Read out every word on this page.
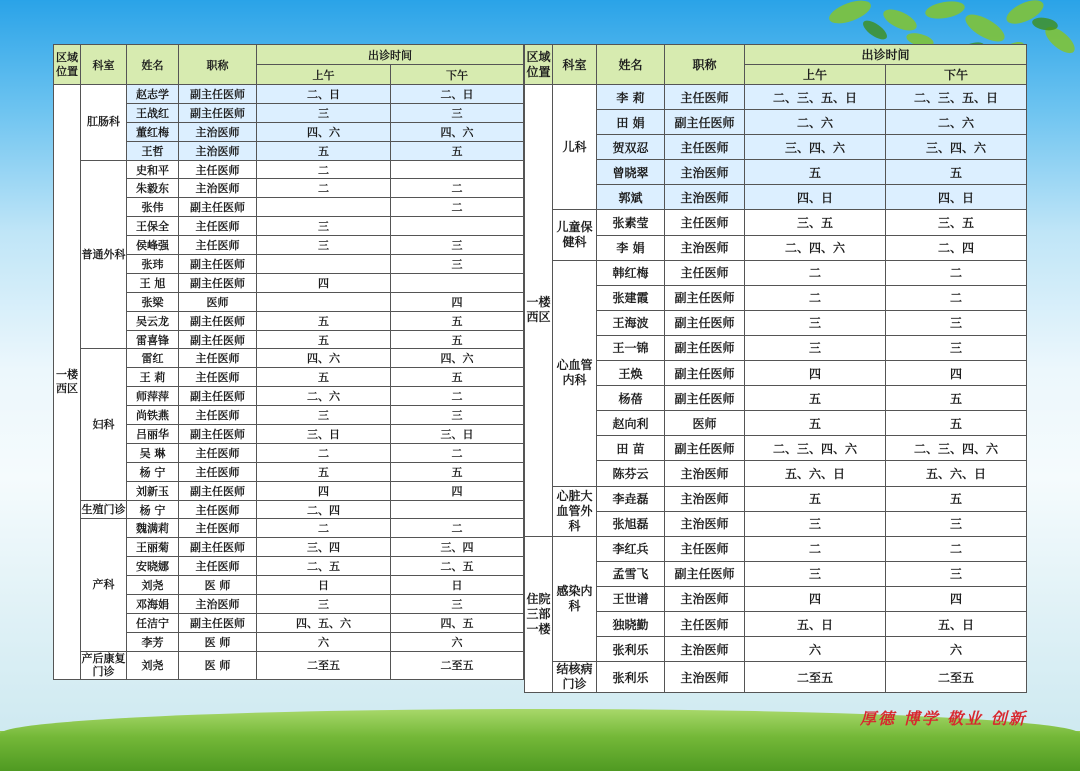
区域位置	科室	姓名	职称	出诊时间	
				上午	下午
一楼西区	肛肠科	赵志学	副主任医师	二、日	二、日
		王战红	副主任医师	三	三
		董红梅	主治医师	四、六	四、六
		王哲	主治医师	五	五
	普通外科	史和平	主任医师	二	
		朱毅东	主治医师	二	二
		张伟	副主任医师		二
		王保全	主任医师	三	
		侯峰强	主任医师	三	三
		张玮	副主任医师		三
		王 旭	副主任医师	四	
		张梁	医师		四
		吴云龙	副主任医师	五	五
		雷喜锋	副主任医师	五	五
	妇科	雷红	主任医师	四、六	四、六
		王 莉	主任医师	五	五
		师萍萍	副主任医师	二、六	二
		尚铁燕	主任医师	三	三
		吕丽华	副主任医师	三、日	三、日
		吴 琳	主任医师	二	二
		杨 宁	主任医师	五	五
		刘新玉	副主任医师	四	四
	生殖门诊	杨 宁	主任医师	二、四	
	产科	魏满莉	主任医师	二	二
		王丽菊	副主任医师	三、四	三、四
		安晓娜	主任医师	二、五	二、五
		刘尧	医 师	日	日
		邓海娟	主治医师	三	三
		任洁宁	副主任医师	四、五、六	四、五
		李芳	医 师	六	六
	产后康复门诊	刘尧	医 师	二至五	二至五
区域位置	科室	姓名	职称	出诊时间	
				上午	下午
一楼西区	儿科	李 莉	主任医师	二、三、五、日	二、三、五、日
		田 娟	副主任医师	二、六	二、六
		贺双忍	主任医师	三、四、六	三、四、六
		曾晓翠	主治医师	五	五
		郭斌	主治医师	四、日	四、日
	儿童保健科	张素莹	主任医师	三、五	三、五
		李 娟	主治医师	二、四、六	二、四
	心血管内科	韩红梅	主任医师	二	二
		张建霞	副主任医师	二	二
		王海波	副主任医师	三	三
		王一锦	副主任医师	三	三
		王焕	副主任医师	四	四
		杨蓓	副主任医师	五	五
		赵向利	医师	五	五
		田 苗	副主任医师	二、三、四、六	二、三、四、六
		陈芬云	主治医师	五、六、日	五、六、日
	心脏大血管外科	李垚磊	主治医师	五	五
		张旭磊	主治医师	三	三
住院三部一楼	感染内科	李红兵	主任医师	二	二
		孟雪飞	副主任医师	三	三
		王世谱	主治医师	四	四
		独晓勤	主任医师	五、日	五、日
		张利乐	主治医师	六	六
	结核病门诊	张利乐	主治医师	二至五	二至五
厚德 博学 敬业 创新
